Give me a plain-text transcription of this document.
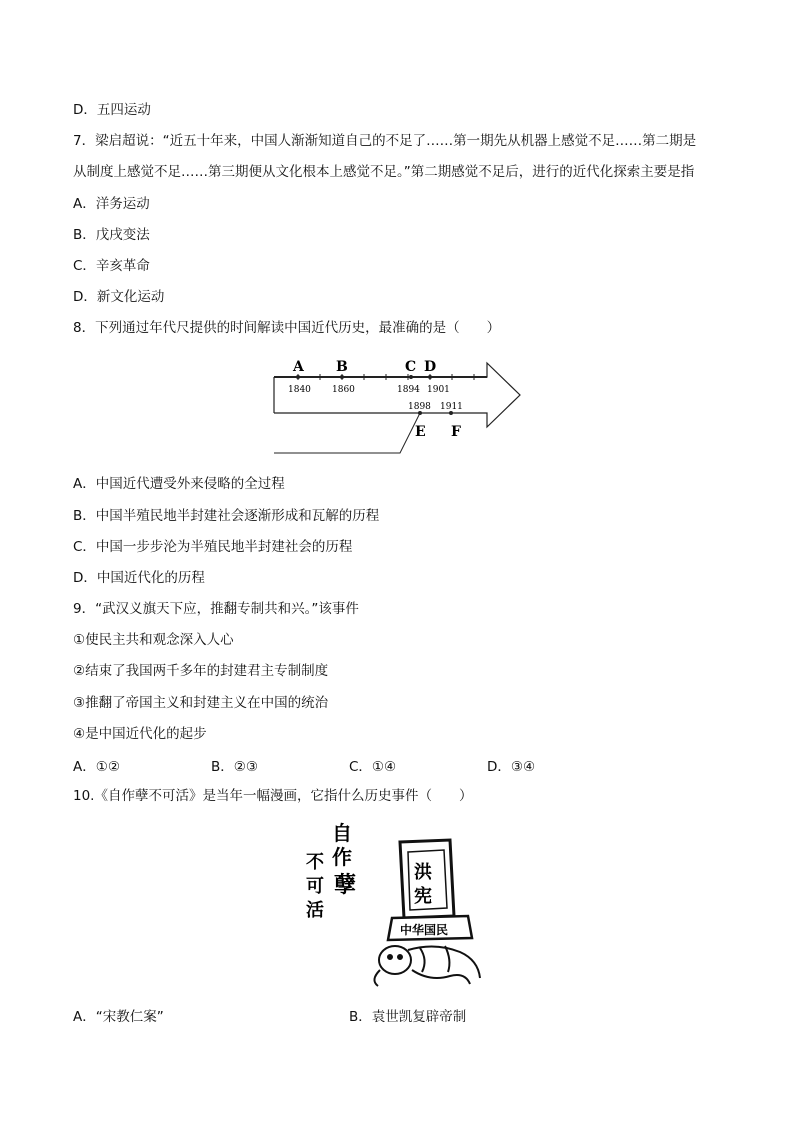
D．五四运动
7．梁启超说：“近五十年来，中国人渐渐知道自己的不足了……第一期先从机器上感觉不足……第二期是
从制度上感觉不足……第三期便从文化根本上感觉不足。”第二期感觉不足后，进行的近代化探索主要是指
A．洋务运动
B．戊戌变法
C．辛亥革命
D．新文化运动
8．下列通过年代尺提供的时间解读中国近代历史，最准确的是（　　）
A B	C D
1840 1860	1894 1901
1898 1911
E F
A．中国近代遭受外来侵略的全过程
B．中国半殖民地半封建社会逐渐形成和瓦解的历程
C．中国一步步沦为半殖民地半封建社会的历程
D．中国近代化的历程
9．“武汉义旗天下应，推翻专制共和兴。”该事件
①使民主共和观念深入人心
②结束了我国两千多年的封建君主专制制度
③推翻了帝国主义和封建主义在中国的统治
④是中国近代化的起步
A．①②	B．②③	C．①④	D．③④
10.《自作孽不可活》是当年一幅漫画，它指什么历史事件（　　）
自
作
孽
不
可
活
洪
宪
中华国民
A．“宋教仁案”	B．袁世凯复辟帝制
